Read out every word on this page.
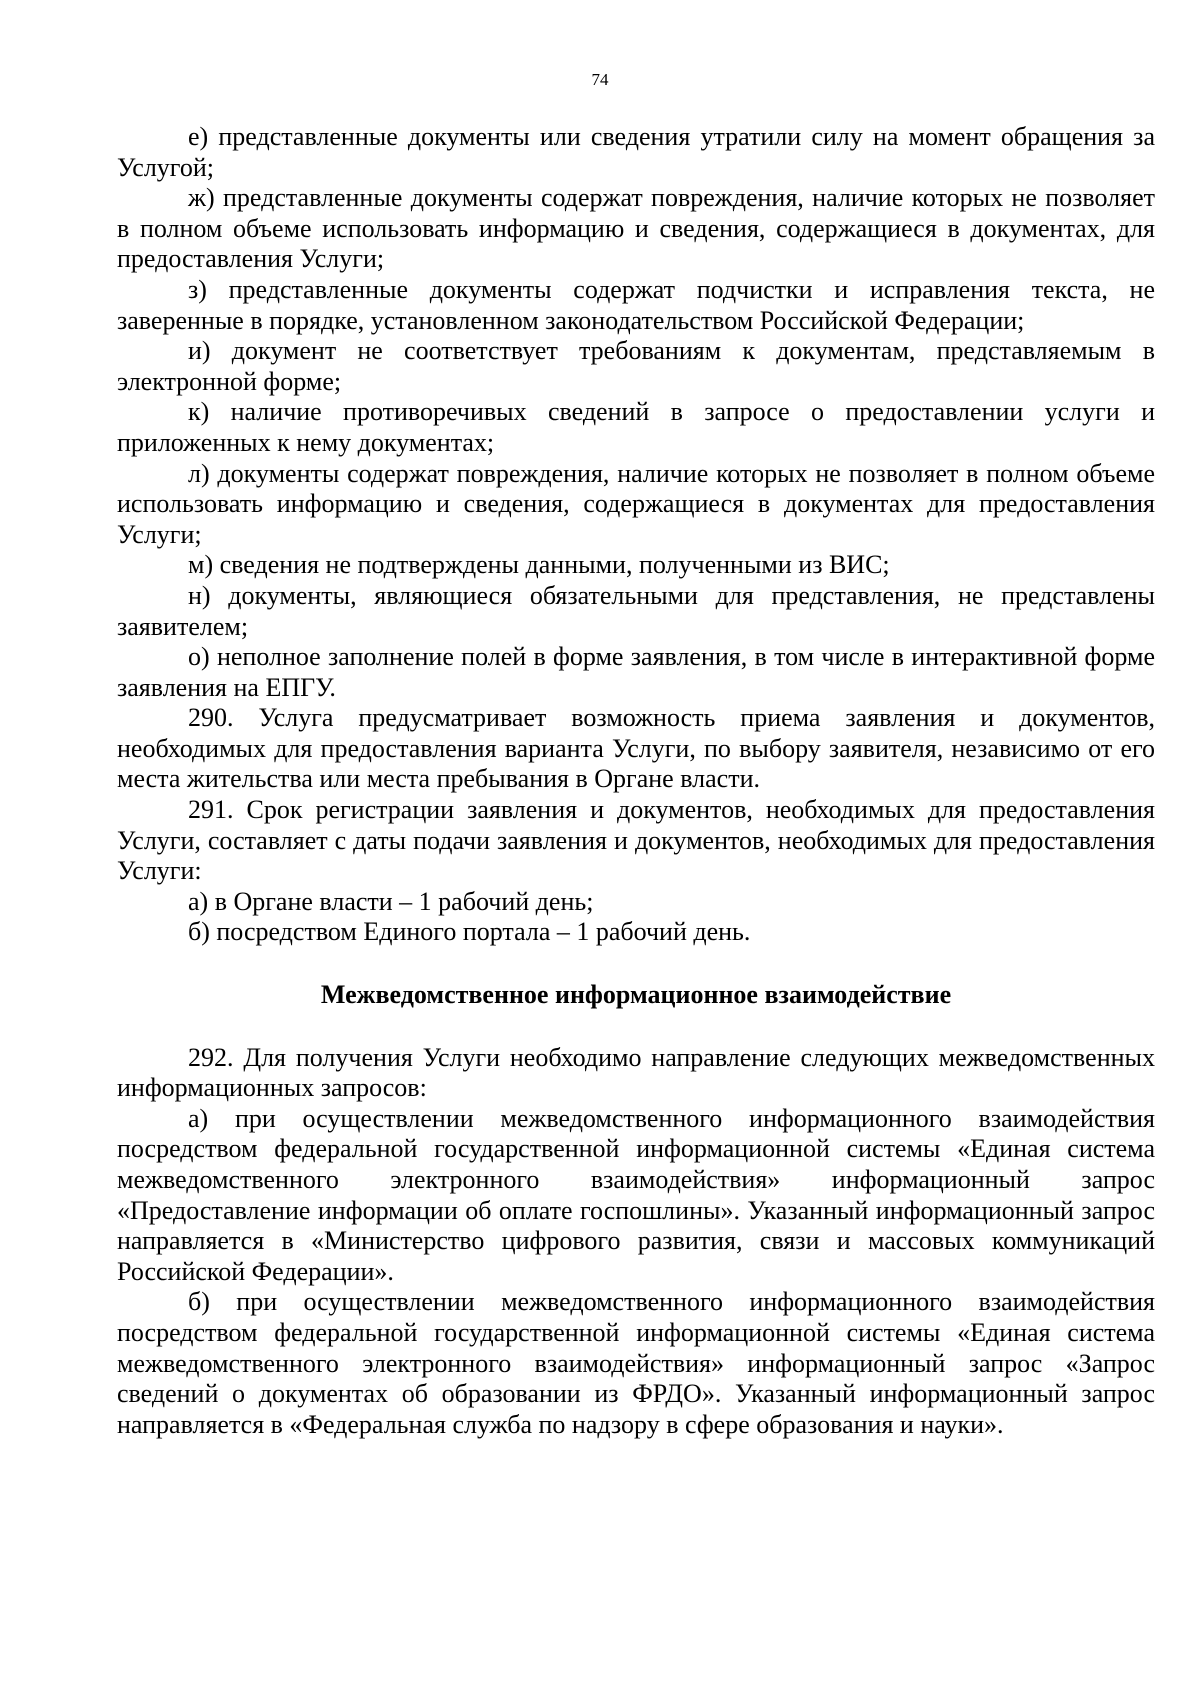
74

е) представленные документы или сведения утратили силу на момент обращения за Услугой;

ж) представленные документы содержат повреждения, наличие которых не позволяет в полном объеме использовать информацию и сведения, содержащиеся в документах, для предоставления Услуги;

з) представленные документы содержат подчистки и исправления текста, не заверенные в порядке, установленном законодательством Российской Федерации;

и) документ не соответствует требованиям к документам, представляемым в электронной форме;

к) наличие противоречивых сведений в запросе о предоставлении услуги и приложенных к нему документах;

л) документы содержат повреждения, наличие которых не позволяет в полном объеме использовать информацию и сведения, содержащиеся в документах для предоставления Услуги;

м) сведения не подтверждены данными, полученными из ВИС;

н) документы, являющиеся обязательными для представления, не представлены заявителем;

о) неполное заполнение полей в форме заявления, в том числе в интерактивной форме заявления на ЕПГУ.

290. Услуга предусматривает возможность приема заявления и документов, необходимых для предоставления варианта Услуги, по выбору заявителя, независимо от его места жительства или места пребывания в Органе власти.

291. Срок регистрации заявления и документов, необходимых для предоставления Услуги, составляет с даты подачи заявления и документов, необходимых для предоставления Услуги:

а) в Органе власти – 1 рабочий день;

б) посредством Единого портала – 1 рабочий день.

Межведомственное информационное взаимодействие

292. Для получения Услуги необходимо направление следующих межведомственных информационных запросов:

а) при осуществлении межведомственного информационного взаимодействия посредством федеральной государственной информационной системы «Единая система межведомственного электронного взаимодействия» информационный запрос «Предоставление информации об оплате госпошлины». Указанный информационный запрос направляется в «Министерство цифрового развития, связи и массовых коммуникаций Российской Федерации».

б) при осуществлении межведомственного информационного взаимодействия посредством федеральной государственной информационной системы «Единая система межведомственного электронного взаимодействия» информационный запрос «Запрос сведений о документах об образовании из ФРДО». Указанный информационный запрос направляется в «Федеральная служба по надзору в сфере образования и науки».
